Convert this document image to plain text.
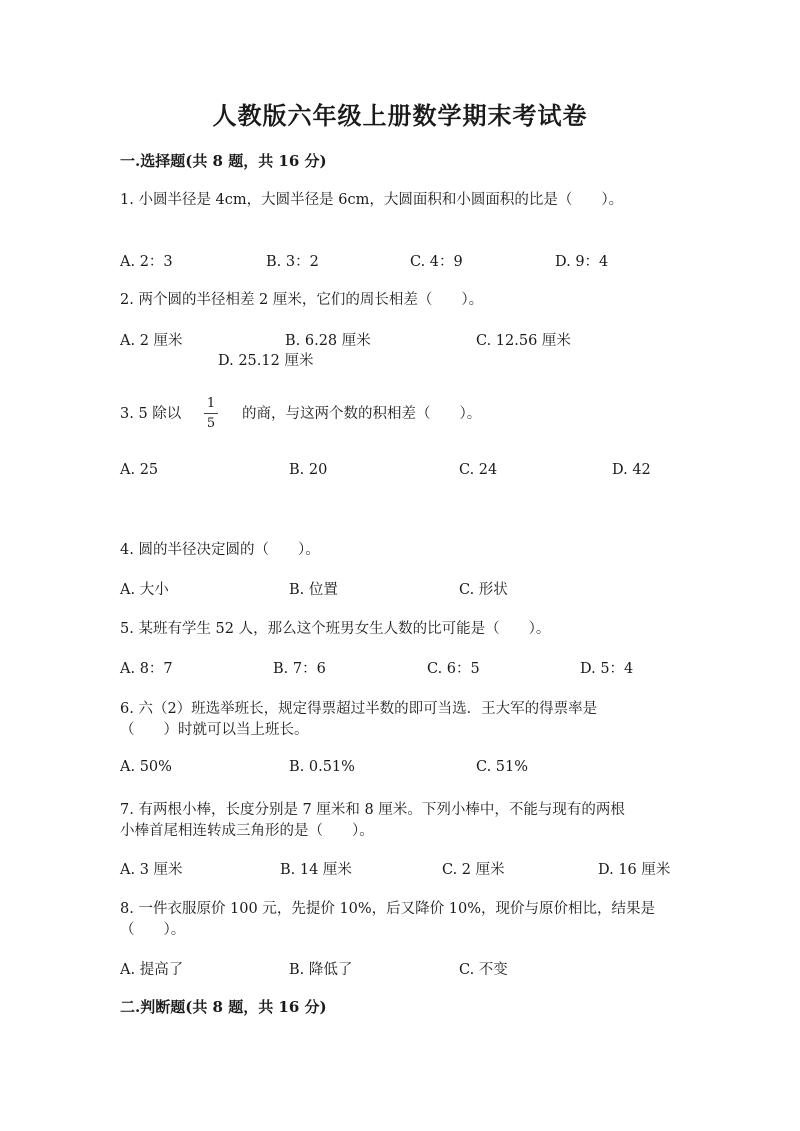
人教版六年级上册数学期末考试卷
一.选择题(共 8 题，共 16 分)
1. 小圆半径是 4cm，大圆半径是 6cm，大圆面积和小圆面积的比是（　　）。
A. 2：3	B. 3：2	C. 4：9	D. 9：4
2. 两个圆的半径相差 2 厘米，它们的周长相差（　　）。
A. 2 厘米	B. 6.28 厘米	C. 12.56 厘米
D. 25.12 厘米
3. 5 除以
1
5
的商，与这两个数的积相差（　　）。
A. 25	B. 20	C. 24	D. 42
4. 圆的半径决定圆的（　　）。
A. 大小	B. 位置	C. 形状
5. 某班有学生 52 人，那么这个班男女生人数的比可能是（　　）。
A. 8：7	B. 7：6	C. 6：5	D. 5：4
6. 六（2）班选举班长，规定得票超过半数的即可当选．王大军的得票率是
（　　）时就可以当上班长。
A. 50%	B. 0.51%	C. 51%
7. 有两根小棒，长度分别是 7 厘米和 8 厘米。下列小棒中，不能与现有的两根
小棒首尾相连转成三角形的是（　　）。
A. 3 厘米	B. 14 厘米	C. 2 厘米	D. 16 厘米
8. 一件衣服原价 100 元，先提价 10%，后又降价 10%，现价与原价相比，结果是
（　　）。
A. 提高了	B. 降低了	C. 不变
二.判断题(共 8 题，共 16 分)
